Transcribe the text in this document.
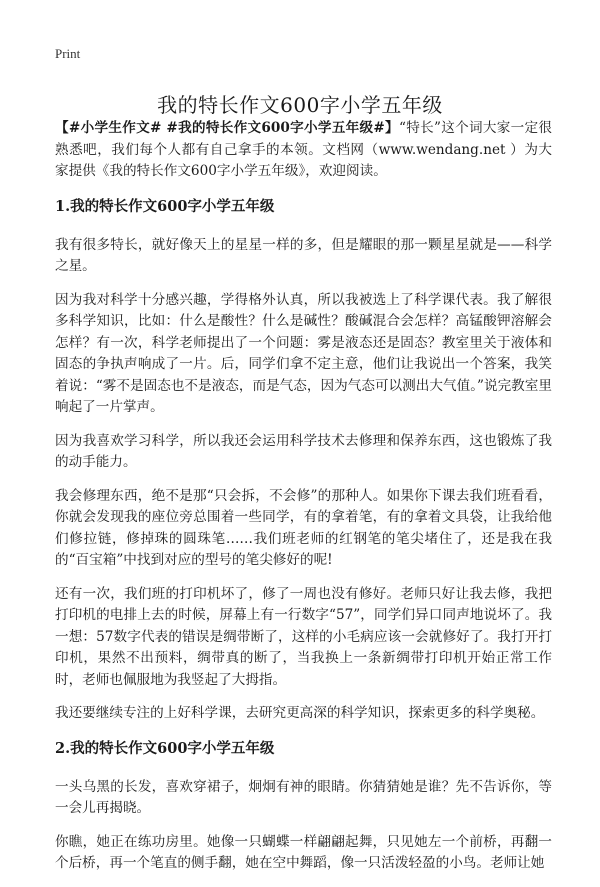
Print
我的特长作文600字小学五年级

【#小学生作文# #我的特长作文600字小学五年级#】“特长”这个词大家一定很熟悉吧，我们每个人都有自己拿手的本领。文档网（www.wendang.net ）为大家提供《我的特长作文600字小学五年级》，欢迎阅读。

1.我的特长作文600字小学五年级

我有很多特长，就好像天上的星星一样的多，但是耀眼的那一颗星星就是——科学之星。

因为我对科学十分感兴趣，学得格外认真，所以我被选上了科学课代表。我了解很多科学知识，比如：什么是酸性？什么是碱性？酸碱混合会怎样？高锰酸钾溶解会怎样？有一次，科学老师提出了一个问题：雾是液态还是固态？教室里关于液体和固态的争执声响成了一片。后，同学们拿不定主意，他们让我说出一个答案，我笑着说：“雾不是固态也不是液态，而是气态，因为气态可以测出大气值。”说完教室里响起了一片掌声。

因为我喜欢学习科学，所以我还会运用科学技术去修理和保养东西，这也锻炼了我的动手能力。

我会修理东西，绝不是那“只会拆，不会修”的那种人。如果你下课去我们班看看，你就会发现我的座位旁总围着一些同学，有的拿着笔，有的拿着文具袋，让我给他们修拉链，修掉珠的圆珠笔……我们班老师的红钢笔的笔尖堵住了，还是我在我的“百宝箱”中找到对应的型号的笔尖修好的呢!

还有一次，我们班的打印机坏了，修了一周也没有修好。老师只好让我去修，我把打印机的电排上去的时候，屏幕上有一行数字“57”，同学们异口同声地说坏了。我一想：57数字代表的错误是绸带断了，这样的小毛病应该一会就修好了。我打开打印机，果然不出预料，绸带真的断了，当我换上一条新绸带打印机开始正常工作时，老师也佩服地为我竖起了大拇指。

我还要继续专注的上好科学课，去研究更高深的科学知识，探索更多的科学奥秘。

2.我的特长作文600字小学五年级

一头乌黑的长发，喜欢穿裙子，炯炯有神的眼睛。你猜猜她是谁？先不告诉你，等一会儿再揭晓。

你瞧，她正在练功房里。她像一只蝴蝶一样翩翩起舞，只见她左一个前桥，再翻一个后桥，再一个笔直的侧手翻，她在空中舞蹈，像一只活泼轻盈的小鸟。老师让她
